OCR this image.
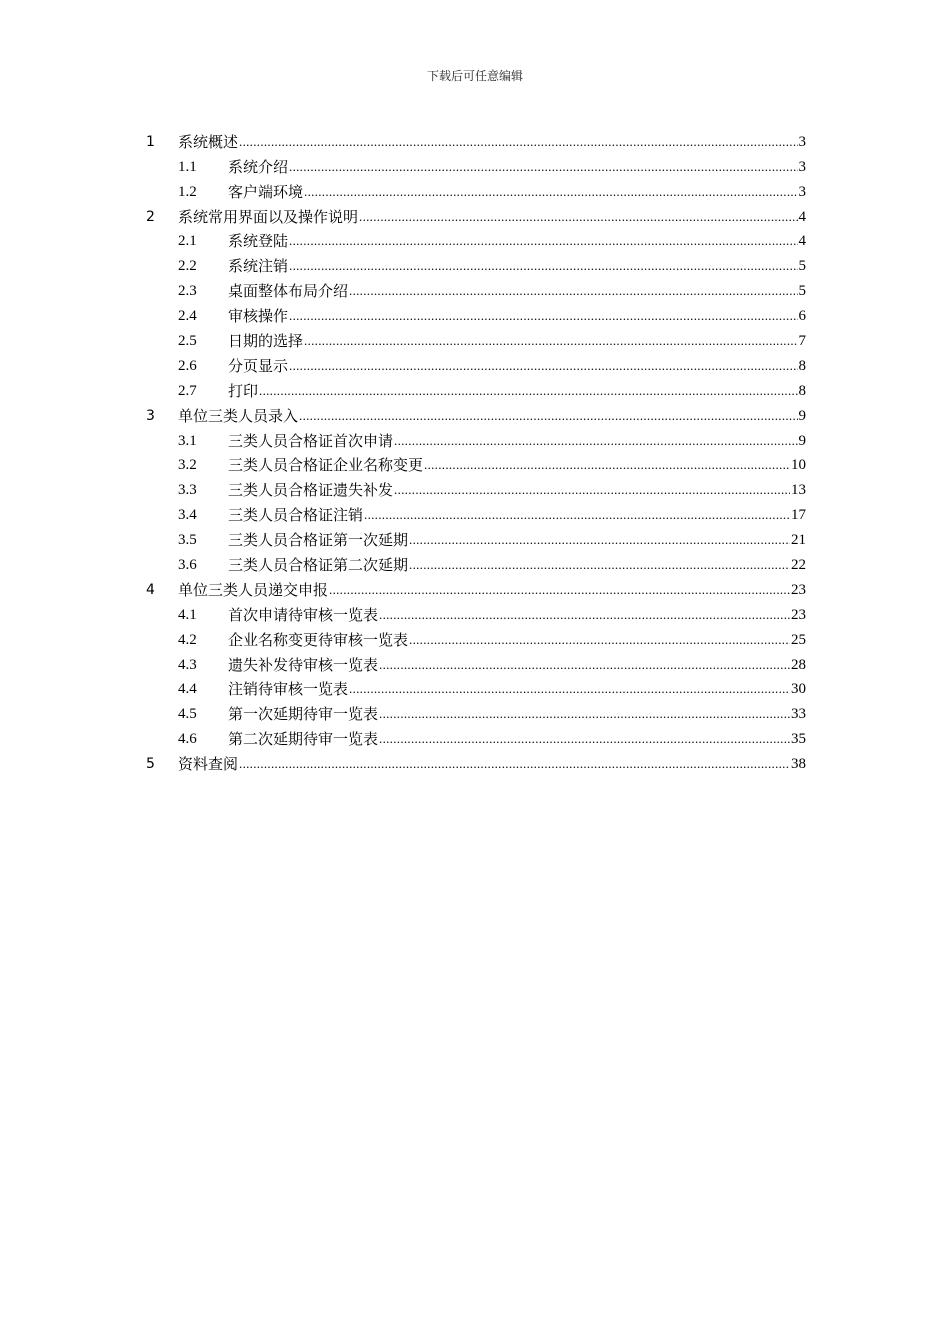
下载后可任意编辑
1	系统概述 .....	3
1.1	系统介绍 .....	3
1.2	客户端环境 .....	3
2	系统常用界面以及操作说明 .....	4
2.1	系统登陆 .....	4
2.2	系统注销 .....	5
2.3	桌面整体布局介绍 .....	5
2.4	审核操作 .....	6
2.5	日期的选择 .....	7
2.6	分页显示 .....	8
2.7	打印 .....	8
3	单位三类人员录入 .....	9
3.1	三类人员合格证首次申请 .....	9
3.2	三类人员合格证企业名称变更 .....	10
3.3	三类人员合格证遗失补发 .....	13
3.4	三类人员合格证注销 .....	17
3.5	三类人员合格证第一次延期 .....	21
3.6	三类人员合格证第二次延期 .....	22
4	单位三类人员递交申报 .....	23
4.1	首次申请待审核一览表 .....	23
4.2	企业名称变更待审核一览表 .....	25
4.3	遗失补发待审核一览表 .....	28
4.4	注销待审核一览表 .....	30
4.5	第一次延期待审一览表 .....	33
4.6	第二次延期待审一览表 .....	35
5	资料查阅 .....	38
